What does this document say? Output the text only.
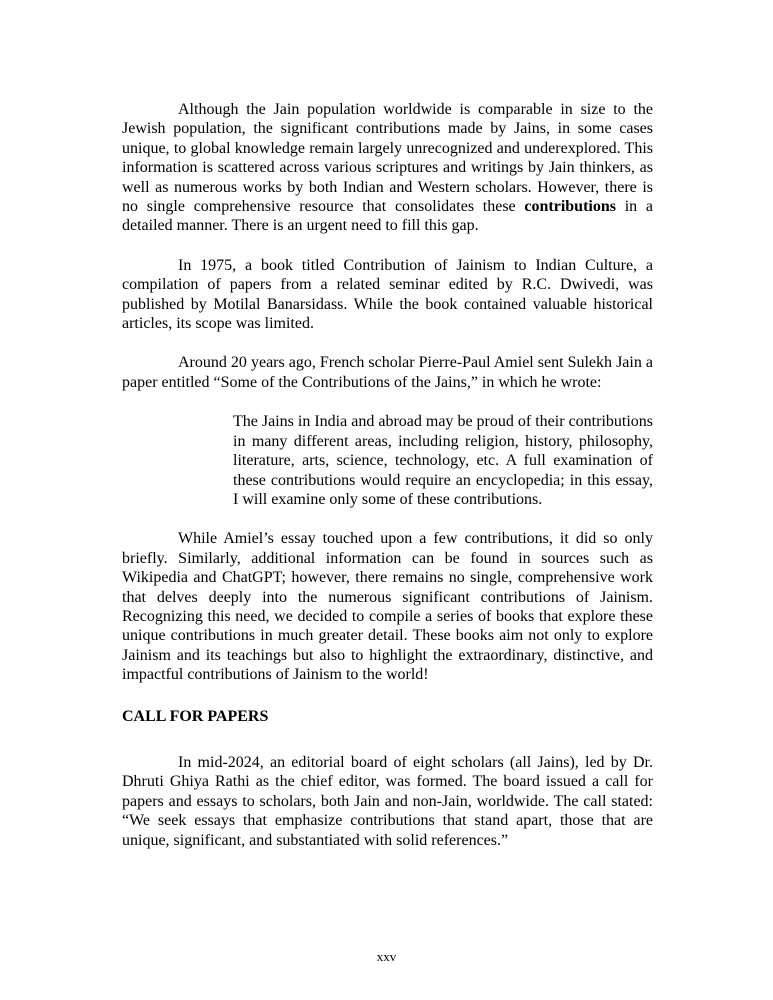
Although the Jain population worldwide is comparable in size to the Jewish population, the significant contributions made by Jains, in some cases unique, to global knowledge remain largely unrecognized and underexplored. This information is scattered across various scriptures and writings by Jain thinkers, as well as numerous works by both Indian and Western scholars. However, there is no single comprehensive resource that consolidates these contributions in a detailed manner. There is an urgent need to fill this gap.

In 1975, a book titled Contribution of Jainism to Indian Culture, a compilation of papers from a related seminar edited by R.C. Dwivedi, was published by Motilal Banarsidass. While the book contained valuable historical articles, its scope was limited.

Around 20 years ago, French scholar Pierre-Paul Amiel sent Sulekh Jain a paper entitled “Some of the Contributions of the Jains,” in which he wrote:

The Jains in India and abroad may be proud of their contributions in many different areas, including religion, history, philosophy, literature, arts, science, technology, etc. A full examination of these contributions would require an encyclopedia; in this essay, I will examine only some of these contributions.

While Amiel’s essay touched upon a few contributions, it did so only briefly. Similarly, additional information can be found in sources such as Wikipedia and ChatGPT; however, there remains no single, comprehensive work that delves deeply into the numerous significant contributions of Jainism. Recognizing this need, we decided to compile a series of books that explore these unique contributions in much greater detail. These books aim not only to explore Jainism and its teachings but also to highlight the extraordinary, distinctive, and impactful contributions of Jainism to the world!

CALL FOR PAPERS

In mid-2024, an editorial board of eight scholars (all Jains), led by Dr. Dhruti Ghiya Rathi as the chief editor, was formed. The board issued a call for papers and essays to scholars, both Jain and non-Jain, worldwide. The call stated: “We seek essays that emphasize contributions that stand apart, those that are unique, significant, and substantiated with solid references.”

xxv
